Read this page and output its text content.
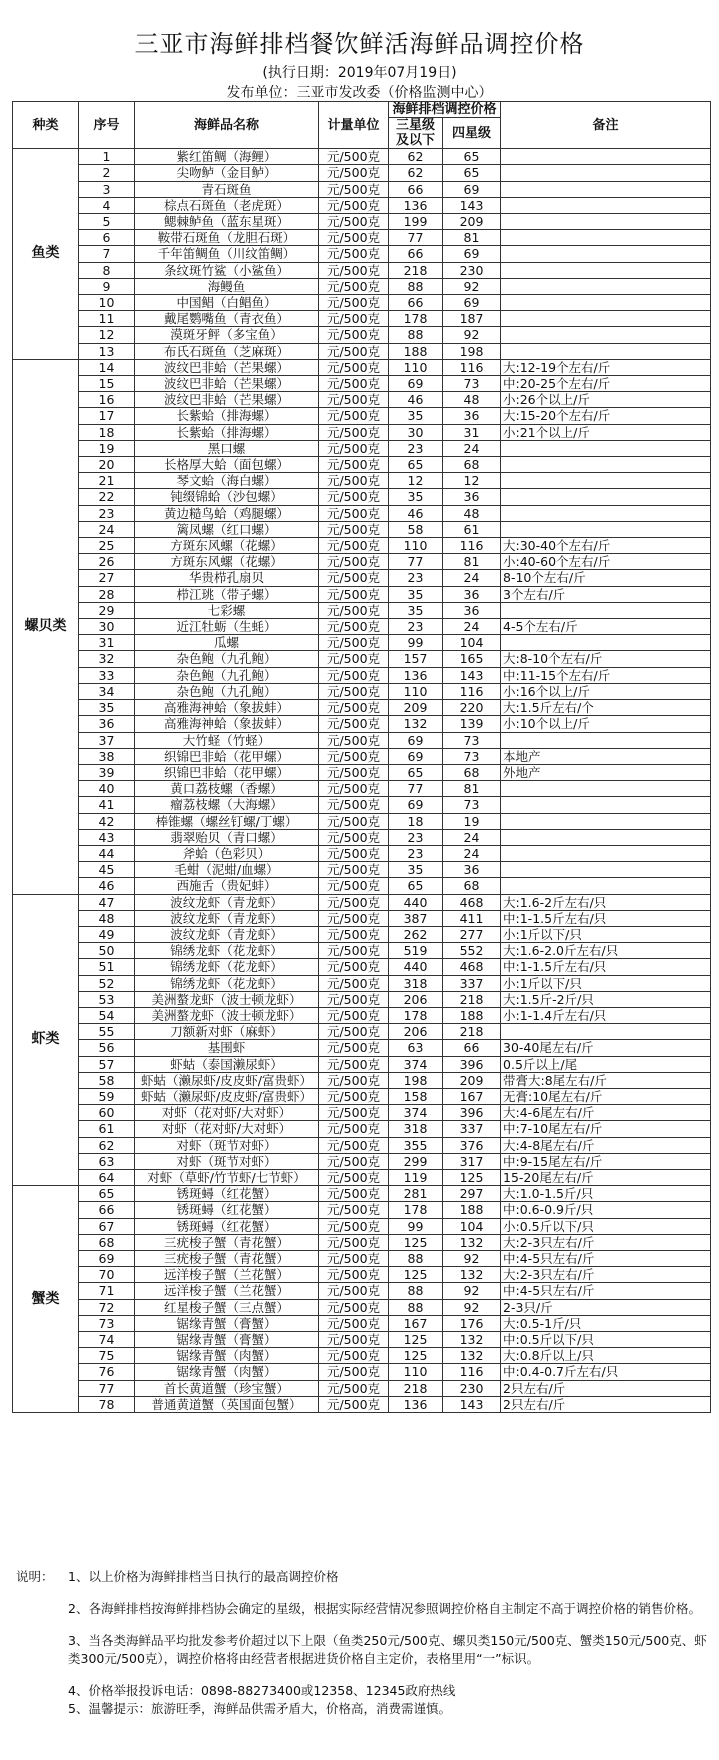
三亚市海鲜排档餐饮鲜活海鲜品调控价格
(执行日期：2019年07月19日)
发布单位：三亚市发改委（价格监测中心）
种类	序号	海鲜品名称	计量单位	海鲜排档调控价格		备注
				三星级及以下	四星级	
鱼类	1	紫红笛鲷（海鲤）	元/500克	62	65	
	2	尖吻鲈（金目鲈）	元/500克	62	65	
	3	青石斑鱼	元/500克	66	69	
	4	棕点石斑鱼（老虎斑）	元/500克	136	143	
	5	鳃棘鲈鱼（蓝东星斑）	元/500克	199	209	
	6	鞍带石斑鱼（龙胆石斑）	元/500克	77	81	
	7	千年笛鲷鱼（川纹笛鲷）	元/500克	66	69	
	8	条纹斑竹鲨（小鲨鱼）	元/500克	218	230	
	9	海鳗鱼	元/500克	88	92	
	10	中国鲳（白鲳鱼）	元/500克	66	69	
	11	戴尾鹦嘴鱼（青衣鱼）	元/500克	178	187	
	12	漠斑牙鲆（多宝鱼）	元/500克	88	92	
	13	布氏石斑鱼（芝麻斑）	元/500克	188	198	
螺贝类	14	波纹巴非蛤（芒果螺）	元/500克	110	116	大:12-19个左右/斤
	15	波纹巴非蛤（芒果螺）	元/500克	69	73	中:20-25个左右/斤
	16	波纹巴非蛤（芒果螺）	元/500克	46	48	小:26个以上/斤
	17	长紫蛤（排海螺）	元/500克	35	36	大:15-20个左右/斤
	18	长紫蛤（排海螺）	元/500克	30	31	小:21个以上/斤
	19	黑口螺	元/500克	23	24	
	20	长格厚大蛤（面包螺）	元/500克	65	68	
	21	琴文蛤（海白螺）	元/500克	12	12	
	22	钝缀锦蛤（沙包螺）	元/500克	35	36	
	23	黄边糙鸟蛤（鸡腿螺）	元/500克	46	48	
	24	篱凤螺（红口螺）	元/500克	58	61	
	25	方斑东风螺（花螺）	元/500克	110	116	大:30-40个左右/斤
	26	方斑东风螺（花螺）	元/500克	77	81	小:40-60个左右/斤
	27	华贵栉孔扇贝	元/500克	23	24	8-10个左右/斤
	28	栉江珧（带子螺）	元/500克	35	36	3个左右/斤
	29	七彩螺	元/500克	35	36	
	30	近江牡蛎（生蚝）	元/500克	23	24	4-5个左右/斤
	31	瓜螺	元/500克	99	104	
	32	杂色鲍（九孔鲍）	元/500克	157	165	大:8-10个左右/斤
	33	杂色鲍（九孔鲍）	元/500克	136	143	中:11-15个左右/斤
	34	杂色鲍（九孔鲍）	元/500克	110	116	小:16个以上/斤
	35	高雅海神蛤（象拔蚌）	元/500克	209	220	大:1.5斤左右/个
	36	高雅海神蛤（象拔蚌）	元/500克	132	139	小:10个以上/斤
	37	大竹蛏（竹蛏）	元/500克	69	73	
	38	织锦巴非蛤（花甲螺）	元/500克	69	73	本地产
	39	织锦巴非蛤（花甲螺）	元/500克	65	68	外地产
	40	黄口荔枝螺（香螺）	元/500克	77	81	
	41	瘤荔枝螺（大海螺）	元/500克	69	73	
	42	棒锥螺（螺丝钉螺/丁螺）	元/500克	18	19	
	43	翡翠贻贝（青口螺）	元/500克	23	24	
	44	斧蛤（色彩贝）	元/500克	23	24	
	45	毛蚶（泥蚶/血螺）	元/500克	35	36	
	46	西施舌（贵妃蚌）	元/500克	65	68	
虾类	47	波纹龙虾（青龙虾）	元/500克	440	468	大:1.6-2斤左右/只
	48	波纹龙虾（青龙虾）	元/500克	387	411	中:1-1.5斤左右/只
	49	波纹龙虾（青龙虾）	元/500克	262	277	小:1斤以下/只
	50	锦绣龙虾（花龙虾）	元/500克	519	552	大:1.6-2.0斤左右/只
	51	锦绣龙虾（花龙虾）	元/500克	440	468	中:1-1.5斤左右/只
	52	锦绣龙虾（花龙虾）	元/500克	318	337	小:1斤以下/只
	53	美洲螯龙虾（波士顿龙虾）	元/500克	206	218	大:1.5斤-2斤/只
	54	美洲螯龙虾（波士顿龙虾）	元/500克	178	188	小:1-1.4斤左右/只
	55	刀额新对虾（麻虾）	元/500克	206	218	
	56	基围虾	元/500克	63	66	30-40尾左右/斤
	57	虾蛄（泰国濑尿虾）	元/500克	374	396	0.5斤以上/尾
	58	虾蛄（濑尿虾/皮皮虾/富贵虾）	元/500克	198	209	带膏大:8尾左右/斤
	59	虾蛄（濑尿虾/皮皮虾/富贵虾）	元/500克	158	167	无膏:10尾左右/斤
	60	对虾（花对虾/大对虾）	元/500克	374	396	大:4-6尾左右/斤
	61	对虾（花对虾/大对虾）	元/500克	318	337	中:7-10尾左右/斤
	62	对虾（斑节对虾）	元/500克	355	376	大:4-8尾左右/斤
	63	对虾（斑节对虾）	元/500克	299	317	中:9-15尾左右/斤
	64	对虾（草虾/竹节虾/七节虾）	元/500克	119	125	15-20尾左右/斤
蟹类	65	锈斑蟳（红花蟹）	元/500克	281	297	大:1.0-1.5斤/只
	66	锈斑蟳（红花蟹）	元/500克	178	188	中:0.6-0.9斤/只
	67	锈斑蟳（红花蟹）	元/500克	99	104	小:0.5斤以下/只
	68	三疣梭子蟹（青花蟹）	元/500克	125	132	大:2-3只左右/斤
	69	三疣梭子蟹（青花蟹）	元/500克	88	92	中:4-5只左右/斤
	70	远洋梭子蟹（兰花蟹）	元/500克	125	132	大:2-3只左右/斤
	71	远洋梭子蟹（兰花蟹）	元/500克	88	92	中:4-5只左右/斤
	72	红星梭子蟹（三点蟹）	元/500克	88	92	2-3只/斤
	73	锯缘青蟹（膏蟹）	元/500克	167	176	大:0.5-1斤/只
	74	锯缘青蟹（膏蟹）	元/500克	125	132	中:0.5斤以下/只
	75	锯缘青蟹（肉蟹）	元/500克	125	132	大:0.8斤以上/只
	76	锯缘青蟹（肉蟹）	元/500克	110	116	中:0.4-0.7斤左右/只
	77	首长黄道蟹（珍宝蟹）	元/500克	218	230	2只左右/斤
	78	普通黄道蟹（英国面包蟹）	元/500克	136	143	2只左右/斤
说明： 1、以上价格为海鲜排档当日执行的最高调控价格
2、各海鲜排档按海鲜排档协会确定的星级，根据实际经营情况参照调控价格自主制定不高于调控价格的销售价格。
3、当各类海鲜品平均批发参考价超过以下上限（鱼类250元/500克、螺贝类150元/500克、蟹类150元/500克、虾类300元/500克），调控价格将由经营者根据进货价格自主定价，表格里用“一”标识。
4、价格举报投诉电话：0898-88273400或12358、12345政府热线
5、温馨提示：旅游旺季，海鲜品供需矛盾大，价格高，消费需谨慎。
